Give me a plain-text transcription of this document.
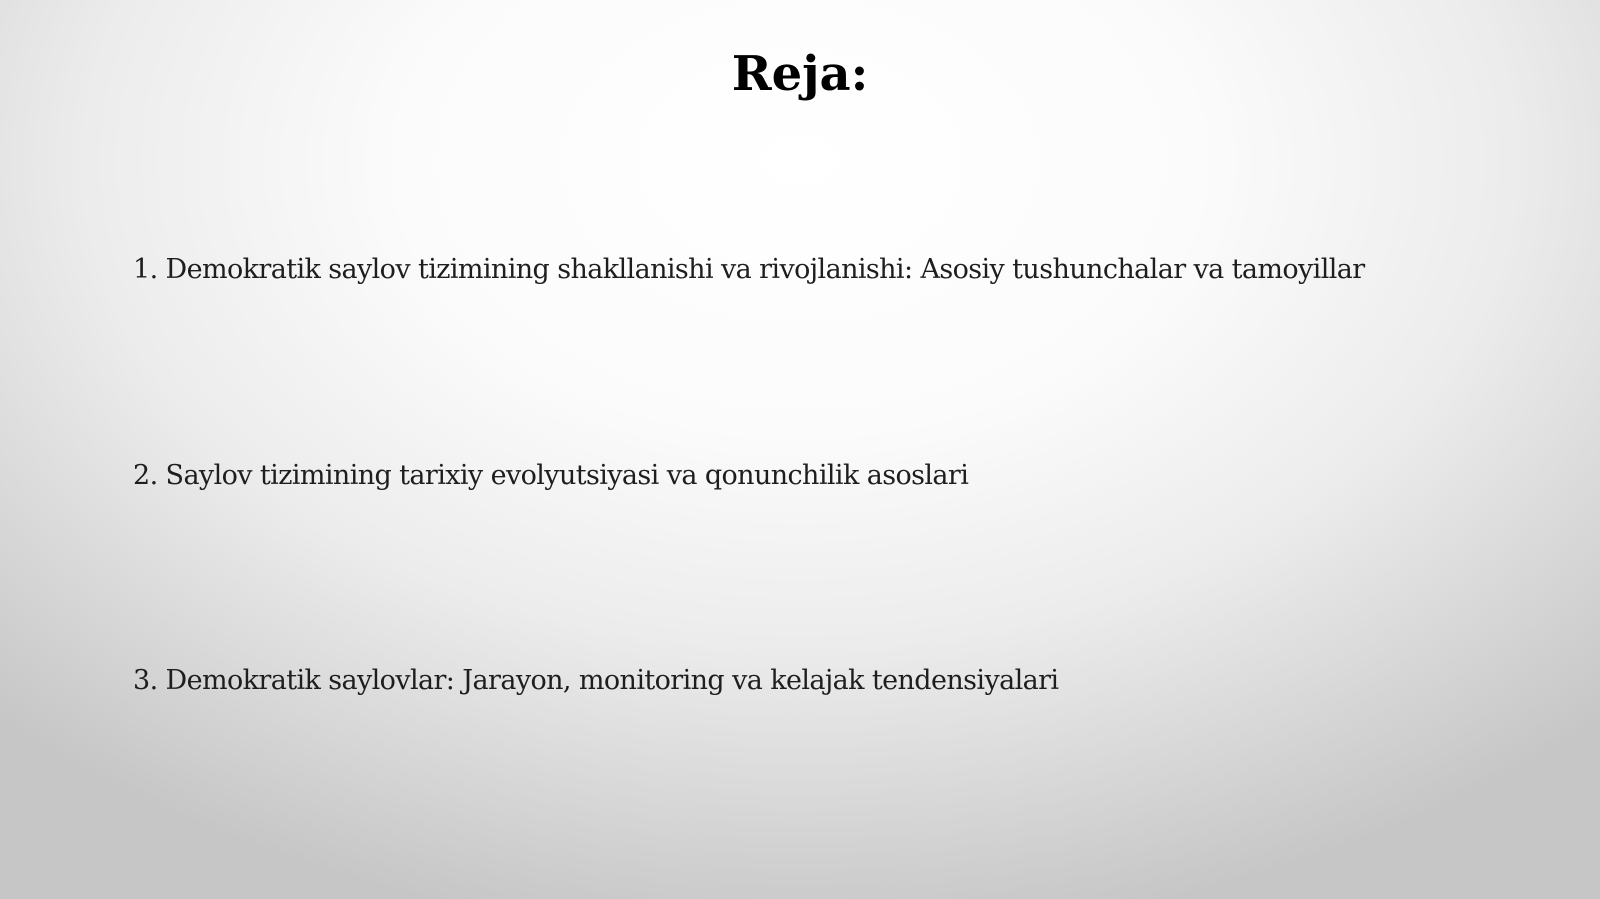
Reja:
1. Demokratik saylov tizimining shakllanishi va rivojlanishi: Asosiy tushunchalar va tamoyillar
2. Saylov tizimining tarixiy evolyutsiyasi va qonunchilik asoslari
3. Demokratik saylovlar: Jarayon, monitoring va kelajak tendensiyalari
